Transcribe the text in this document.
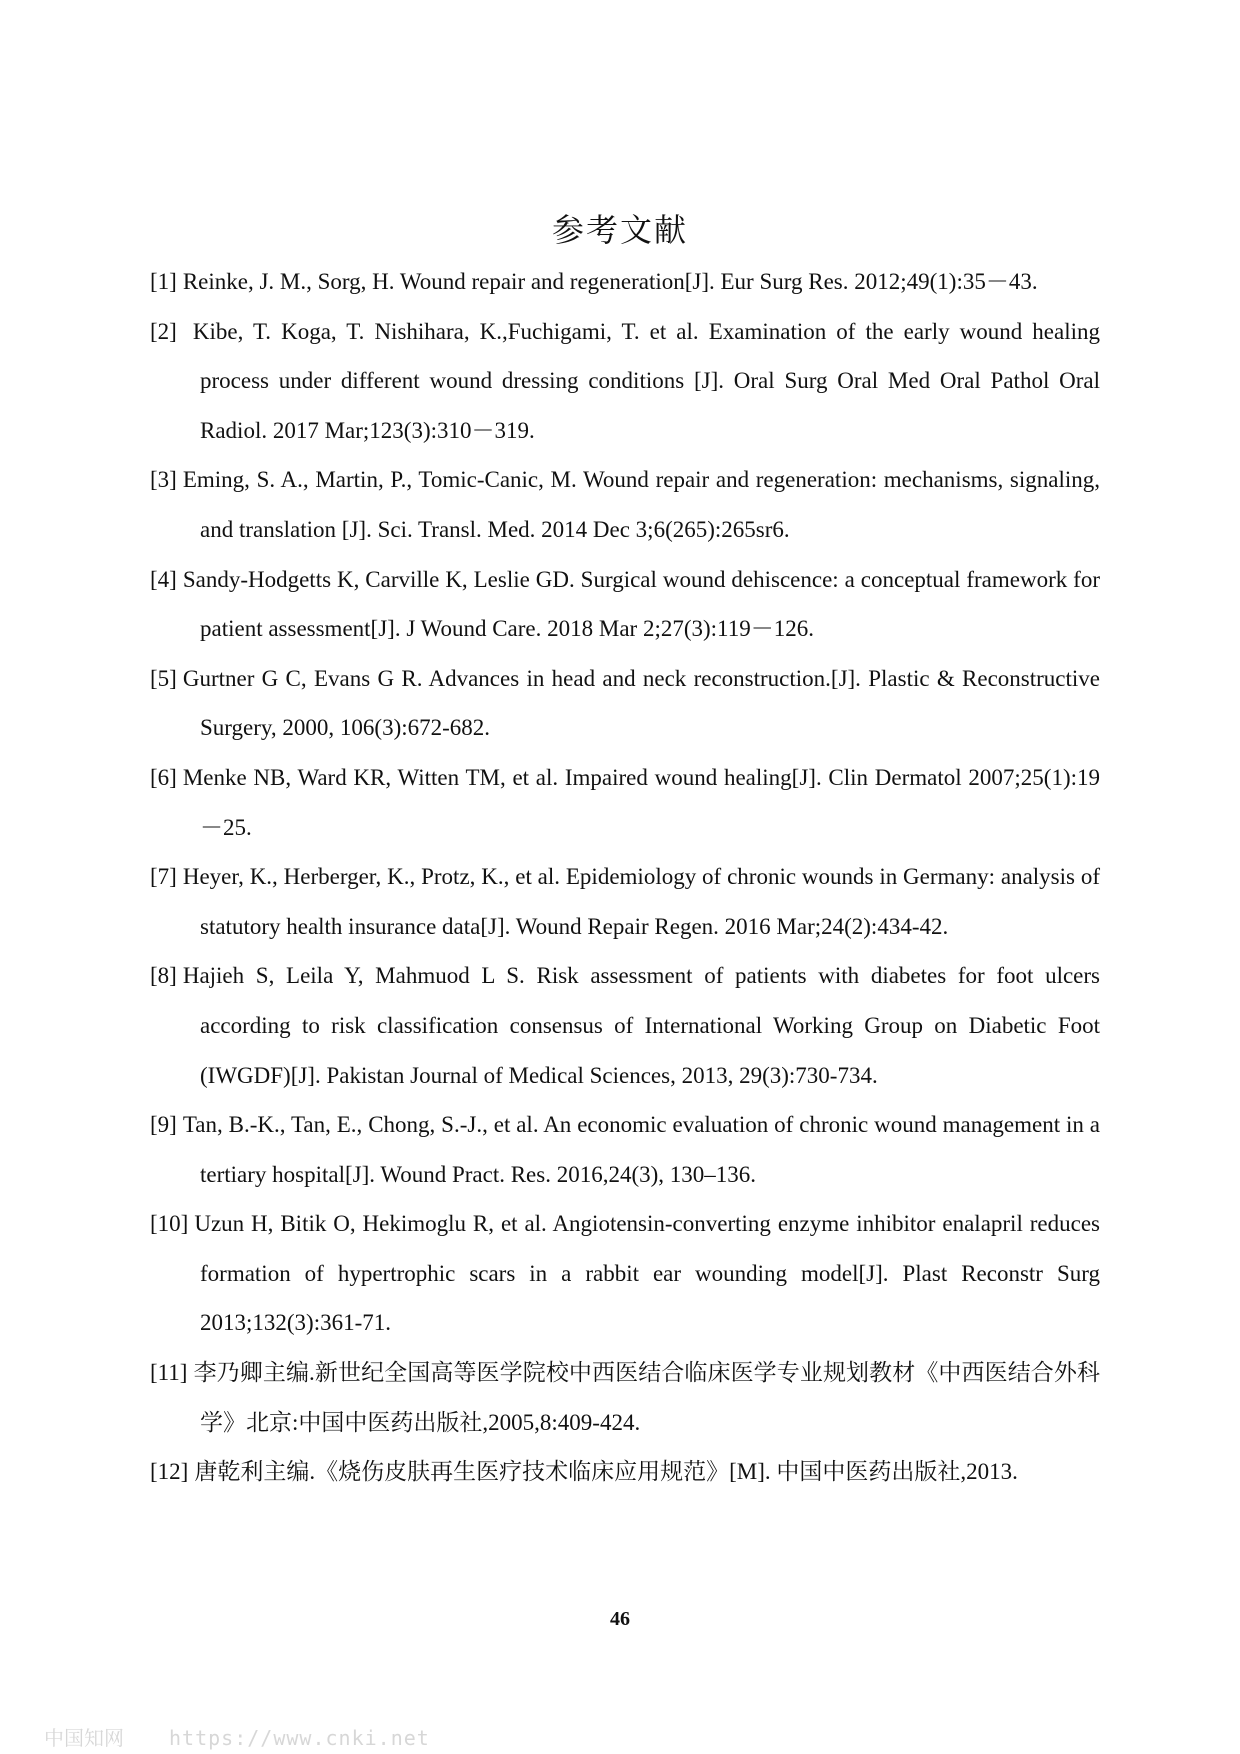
参考文献

[1] Reinke, J. M., Sorg, H. Wound repair and regeneration[J]. Eur Surg Res. 2012;49(1):35－43.

[2] Kibe, T. Koga, T. Nishihara, K.,Fuchigami, T. et al. Examination of the early wound healing process under different wound dressing conditions [J]. Oral Surg Oral Med Oral Pathol Oral Radiol. 2017 Mar;123(3):310－319.

[3] Eming, S. A., Martin, P., Tomic-Canic, M. Wound repair and regeneration: mechanisms, signaling, and translation [J]. Sci. Transl. Med. 2014 Dec 3;6(265):265sr6.

[4] Sandy-Hodgetts K, Carville K, Leslie GD. Surgical wound dehiscence: a conceptual framework for patient assessment[J]. J Wound Care. 2018 Mar 2;27(3):119－126.

[5] Gurtner G C, Evans G R. Advances in head and neck reconstruction.[J]. Plastic & Reconstructive Surgery, 2000, 106(3):672-682.

[6] Menke NB, Ward KR, Witten TM, et al. Impaired wound healing[J]. Clin Dermatol 2007;25(1):19－25.

[7] Heyer, K., Herberger, K., Protz, K., et al. Epidemiology of chronic wounds in Germany: analysis of statutory health insurance data[J]. Wound Repair Regen. 2016 Mar;24(2):434-42.

[8] Hajieh S, Leila Y, Mahmuod L S. Risk assessment of patients with diabetes for foot ulcers according to risk classification consensus of International Working Group on Diabetic Foot (IWGDF)[J]. Pakistan Journal of Medical Sciences, 2013, 29(3):730-734.

[9] Tan, B.-K., Tan, E., Chong, S.-J., et al. An economic evaluation of chronic wound management in a tertiary hospital[J]. Wound Pract. Res. 2016,24(3), 130–136.

[10] Uzun H, Bitik O, Hekimoglu R, et al. Angiotensin-converting enzyme inhibitor enalapril reduces formation of hypertrophic scars in a rabbit ear wounding model[J]. Plast Reconstr Surg 2013;132(3):361-71.

[11] 李乃卿主编.新世纪全国高等医学院校中西医结合临床医学专业规划教材《中西医结合外科学》北京:中国中医药出版社,2005,8:409-424.

[12] 唐乾利主编.《烧伤皮肤再生医疗技术临床应用规范》[M]. 中国中医药出版社,2013.

46
中国知网 https://www.cnki.net
